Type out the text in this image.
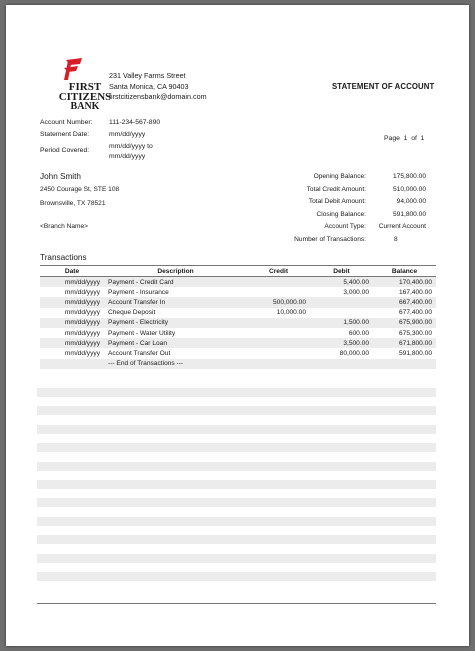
FIRST
CITIZENS
BANK
231 Valley Farms Street
Santa Monica, CA 90403
firstcitizensbank@domain.com
STATEMENT OF ACCOUNT
Account Number: 111-234-567-890
Statement Date:	mm/dd/yyyy
Period Covered:
mm/dd/yyyy to
mm/dd/yyyy
Page 1 of 1
John Smith
2450 Courage St, STE 108
Brownsville, TX 78521
<Branch Name>
Opening Balance:	175,800.00
Total Credit Amount:	510,000.00
Total Debit Amount:	94,000.00
Closing Balance:	591,800.00
Account Type:	Current Account
Number of Transactions:	8
Transactions
Date	Description	Credit	Debit	Balance
mm/dd/yyyy	Payment - Credit Card		5,400.00	170,400.00
mm/dd/yyyy	Payment - Insurance		3,000.00	167,400.00
mm/dd/yyyy	Account Transfer In	500,000.00		667,400.00
mm/dd/yyyy	Cheque Deposit	10,000.00		677,400.00
mm/dd/yyyy	Payment - Electricity		1,500.00	675,900.00
mm/dd/yyyy	Payment - Water Utility		600.00	675,300.00
mm/dd/yyyy	Payment - Car Loan		3,500.00	671,800.00
mm/dd/yyyy	Account Transfer Out		80,000.00	591,800.00
	--- End of Transactions ---			
